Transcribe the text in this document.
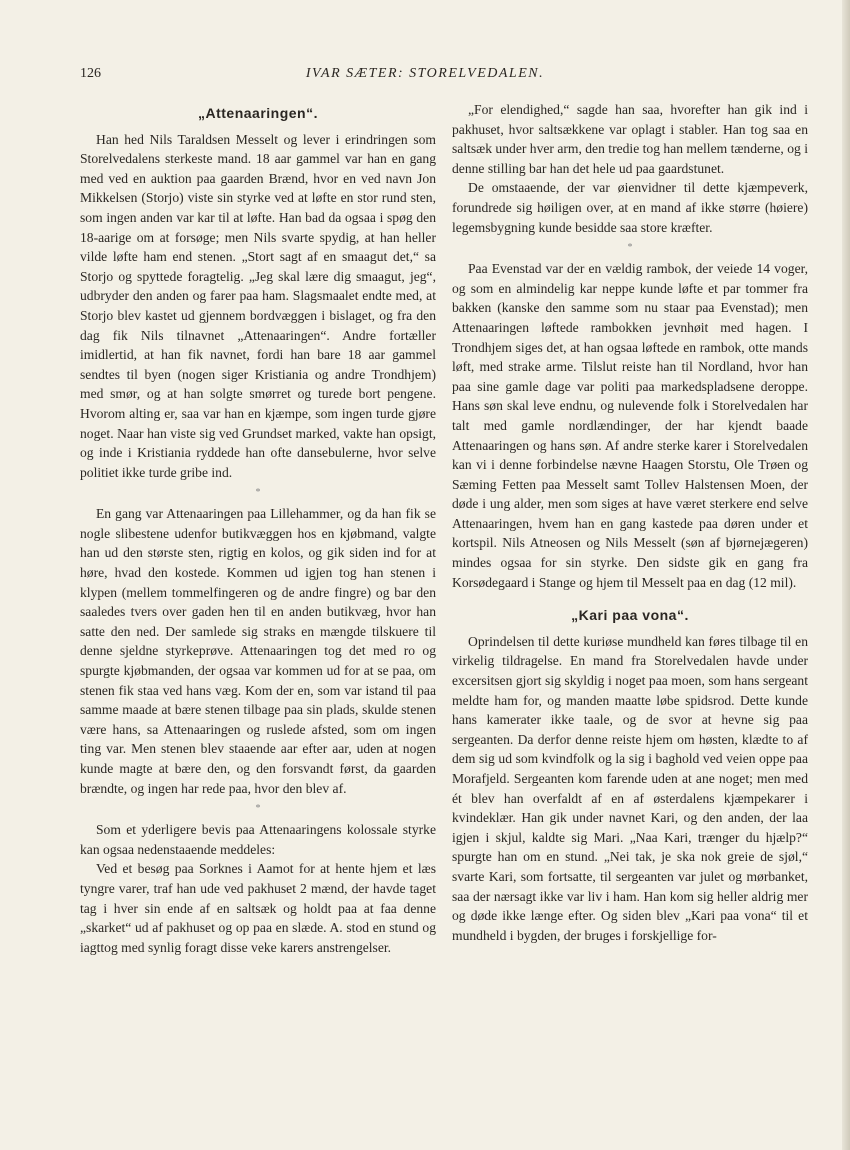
126	IVAR SÆTER: STORELVEDALEN.
„Attenaaringen“.

Han hed Nils Taraldsen Messelt og lever i erindringen som Storelvedalens sterkeste mand. 18 aar gammel var han en gang med ved en auktion paa gaarden Brænd, hvor en ved navn Jon Mikkelsen (Storjo) viste sin styrke ved at løfte en stor rund sten, som ingen anden var kar til at løfte. Han bad da ogsaa i spøg den 18-aarige om at forsøge; men Nils svarte spydig, at han heller vilde løfte ham end stenen. „Stort sagt af en smaagut det,“ sa Storjo og spyttede foragtelig. „Jeg skal lære dig smaagut, jeg“, udbryder den anden og farer paa ham. Slagsmaalet endte med, at Storjo blev kastet ud gjennem bordvæggen i bislaget, og fra den dag fik Nils tilnavnet „Attenaaringen“. Andre fortæller imidlertid, at han fik navnet, fordi han bare 18 aar gammel sendtes til byen (nogen siger Kristiania og andre Trondhjem) med smør, og at han solgte smørret og turede bort pengene. Hvorom alting er, saa var han en kjæmpe, som ingen turde gjøre noget. Naar han viste sig ved Grundset marked, vakte han opsigt, og inde i Kristiania ryddede han ofte dansebulerne, hvor selve politiet ikke turde gribe ind.

*

En gang var Attenaaringen paa Lillehammer, og da han fik se nogle slibestene udenfor butikvæggen hos en kjøbmand, valgte han ud den største sten, rigtig en kolos, og gik siden ind for at høre, hvad den kostede. Kommen ud igjen tog han stenen i klypen (mellem tommelfingeren og de andre fingre) og bar den saaledes tvers over gaden hen til en anden butikvæg, hvor han satte den ned. Der samlede sig straks en mængde tilskuere til denne sjeldne styrkeprøve. Attenaaringen tog det med ro og spurgte kjøbmanden, der ogsaa var kommen ud for at se paa, om stenen fik staa ved hans væg. Kom der en, som var istand til paa samme maade at bære stenen tilbage paa sin plads, skulde stenen være hans, sa Attenaaringen og ruslede afsted, som om ingen ting var. Men stenen blev staaende aar efter aar, uden at nogen kunde magte at bære den, og den forsvandt først, da gaarden brændte, og ingen har rede paa, hvor den blev af.

*

Som et yderligere bevis paa Attenaaringens kolossale styrke kan ogsaa nedenstaaende meddeles:

Ved et besøg paa Sorknes i Aamot for at hente hjem et læs tyngre varer, traf han ude ved pakhuset 2 mænd, der havde taget tag i hver sin ende af en saltsæk og holdt paa at faa denne „skarket“ ud af pakhuset og op paa en slæde. A. stod en stund og iagttog med synlig foragt disse veke karers anstrengelser.

„For elendighed,“ sagde han saa, hvorefter han gik ind i pakhuset, hvor saltsækkene var oplagt i stabler. Han tog saa en saltsæk under hver arm, den tredie tog han mellem tænderne, og i denne stilling bar han det hele ud paa gaardstunet.

De omstaaende, der var øienvidner til dette kjæmpeverk, forundrede sig høiligen over, at en mand af ikke større (høiere) legemsbygning kunde besidde saa store kræfter.

*

Paa Evenstad var der en vældig rambok, der veiede 14 voger, og som en almindelig kar neppe kunde løfte et par tommer fra bakken (kanske den samme som nu staar paa Evenstad); men Attenaaringen løftede rambokken jevnhøit med hagen. I Trondhjem siges det, at han ogsaa løftede en rambok, otte mands løft, med strake arme. Tilslut reiste han til Nordland, hvor han paa sine gamle dage var politi paa markedspladsene deroppe. Hans søn skal leve endnu, og nulevende folk i Storelvedalen har talt med gamle nordlændinger, der har kjendt baade Attenaaringen og hans søn. Af andre sterke karer i Storelvedalen kan vi i denne forbindelse nævne Haagen Storstu, Ole Trøen og Sæming Fetten paa Messelt samt Tollev Halstensen Moen, der døde i ung alder, men som siges at have været sterkere end selve Attenaaringen, hvem han en gang kastede paa døren under et kortspil. Nils Atneosen og Nils Messelt (søn af bjørnejægeren) mindes ogsaa for sin styrke. Den sidste gik en gang fra Korsødegaard i Stange og hjem til Messelt paa en dag (12 mil).

„Kari paa vona“.

Oprindelsen til dette kuriøse mundheld kan føres tilbage til en virkelig tildragelse. En mand fra Storelvedalen havde under excersitsen gjort sig skyldig i noget paa moen, som hans sergeant meldte ham for, og manden maatte løbe spidsrod. Dette kunde hans kamerater ikke taale, og de svor at hevne sig paa sergeanten. Da derfor denne reiste hjem om høsten, klædte to af dem sig ud som kvindfolk og la sig i baghold ved veien oppe paa Morafjeld. Sergeanten kom farende uden at ane noget; men med ét blev han overfaldt af en af østerdalens kjæmpekarer i kvindeklær. Han gik under navnet Kari, og den anden, der laa igjen i skjul, kaldte sig Mari. „Naa Kari, trænger du hjælp?“ spurgte han om en stund. „Nei tak, je ska nok greie de sjøl,“ svarte Kari, som fortsatte, til sergeanten var julet og mørbanket, saa der nærsagt ikke var liv i ham. Han kom sig heller aldrig mer og døde ikke længe efter. Og siden blev „Kari paa vona“ til et mundheld i bygden, der bruges i forskjellige for-
